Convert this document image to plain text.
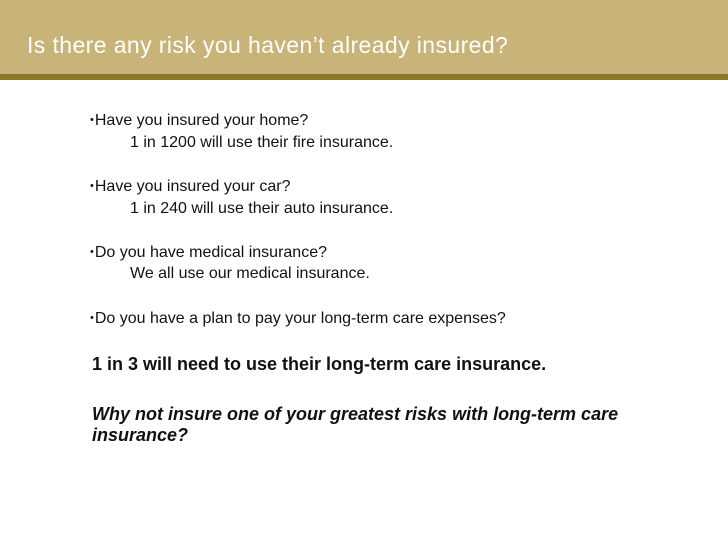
Is there any risk you haven’t already insured?
•Have you insured your home?
1 in 1200 will use their fire insurance.
•Have you insured your car?
1 in 240 will use their auto insurance.
•Do you have medical insurance?
We all use our medical insurance.
•Do you have a plan to pay your long-term care expenses?
1 in 3 will need to use their long-term care insurance.
Why not insure one of your greatest risks with long-term care insurance?
